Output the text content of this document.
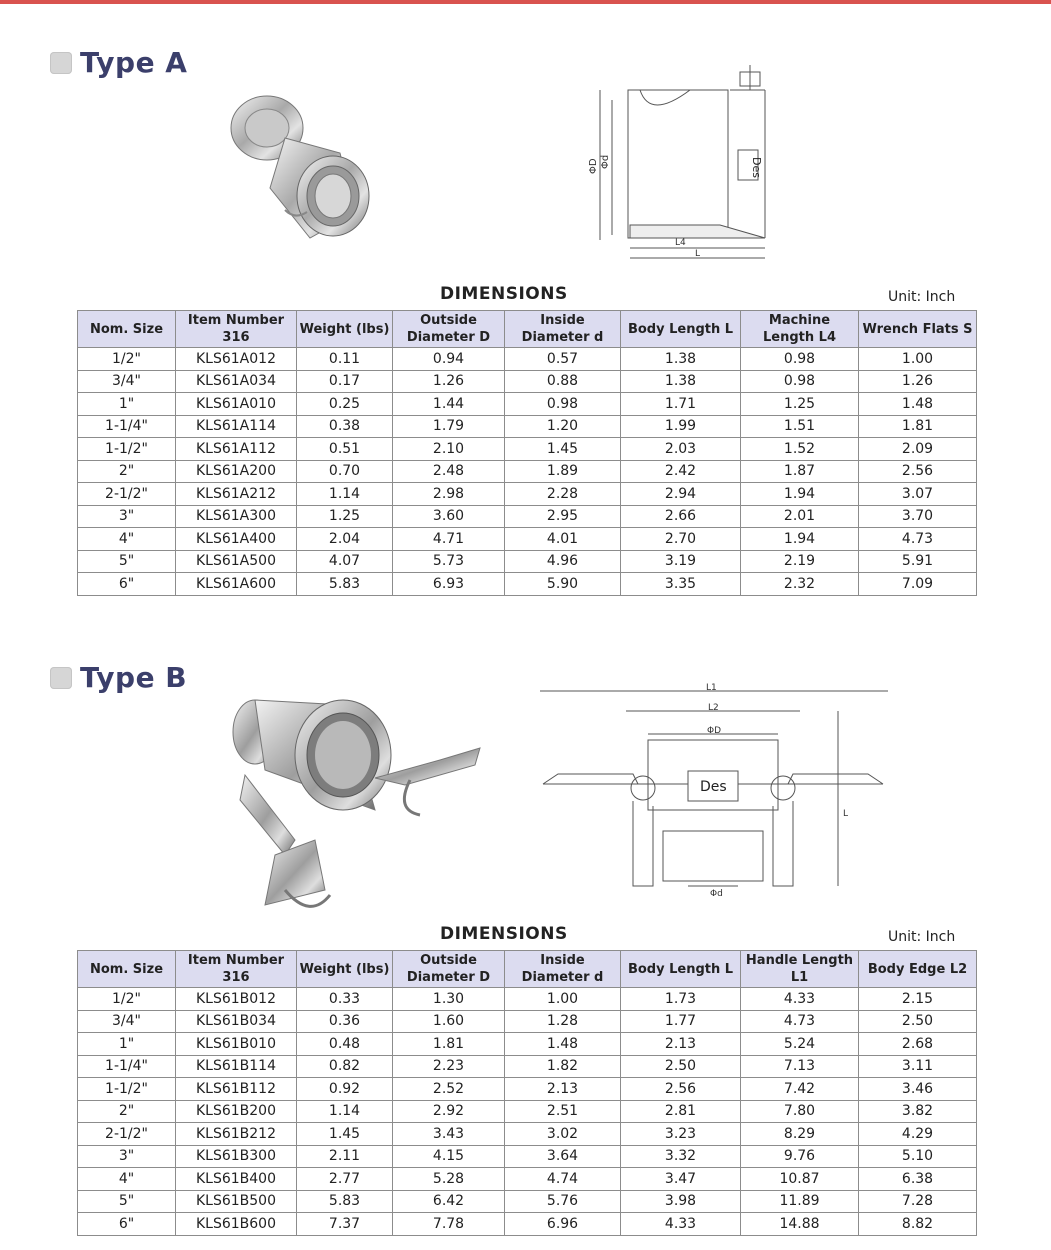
Type A
ΦD Φd	Des
L4
L
DIMENSIONS	Unit: Inch
Nom. Size	Item Number 316	Weight (lbs)	Outside Diameter D	Inside Diameter d	Body Length L	Machine Length L4	Wrench Flats S
1/2"	KLS61A012	0.11	0.94	0.57	1.38	0.98	1.00
3/4"	KLS61A034	0.17	1.26	0.88	1.38	0.98	1.26
1"	KLS61A010	0.25	1.44	0.98	1.71	1.25	1.48
1-1/4"	KLS61A114	0.38	1.79	1.20	1.99	1.51	1.81
1-1/2"	KLS61A112	0.51	2.10	1.45	2.03	1.52	2.09
2"	KLS61A200	0.70	2.48	1.89	2.42	1.87	2.56
2-1/2"	KLS61A212	1.14	2.98	2.28	2.94	1.94	3.07
3"	KLS61A300	1.25	3.60	2.95	2.66	2.01	3.70
4"	KLS61A400	2.04	4.71	4.01	2.70	1.94	4.73
5"	KLS61A500	4.07	5.73	4.96	3.19	2.19	5.91
6"	KLS61A600	5.83	6.93	5.90	3.35	2.32	7.09
Type B	L1
L2
ΦD
Des
L
Φd
DIMENSIONS	Unit: Inch
Nom. Size	Item Number 316	Weight (lbs)	Outside Diameter D	Inside Diameter d	Body Length L	Handle Length L1	Body Edge L2
1/2"	KLS61B012	0.33	1.30	1.00	1.73	4.33	2.15
3/4"	KLS61B034	0.36	1.60	1.28	1.77	4.73	2.50
1"	KLS61B010	0.48	1.81	1.48	2.13	5.24	2.68
1-1/4"	KLS61B114	0.82	2.23	1.82	2.50	7.13	3.11
1-1/2"	KLS61B112	0.92	2.52	2.13	2.56	7.42	3.46
2"	KLS61B200	1.14	2.92	2.51	2.81	7.80	3.82
2-1/2"	KLS61B212	1.45	3.43	3.02	3.23	8.29	4.29
3"	KLS61B300	2.11	4.15	3.64	3.32	9.76	5.10
4"	KLS61B400	2.77	5.28	4.74	3.47	10.87	6.38
5"	KLS61B500	5.83	6.42	5.76	3.98	11.89	7.28
6"	KLS61B600	7.37	7.78	6.96	4.33	14.88	8.82
